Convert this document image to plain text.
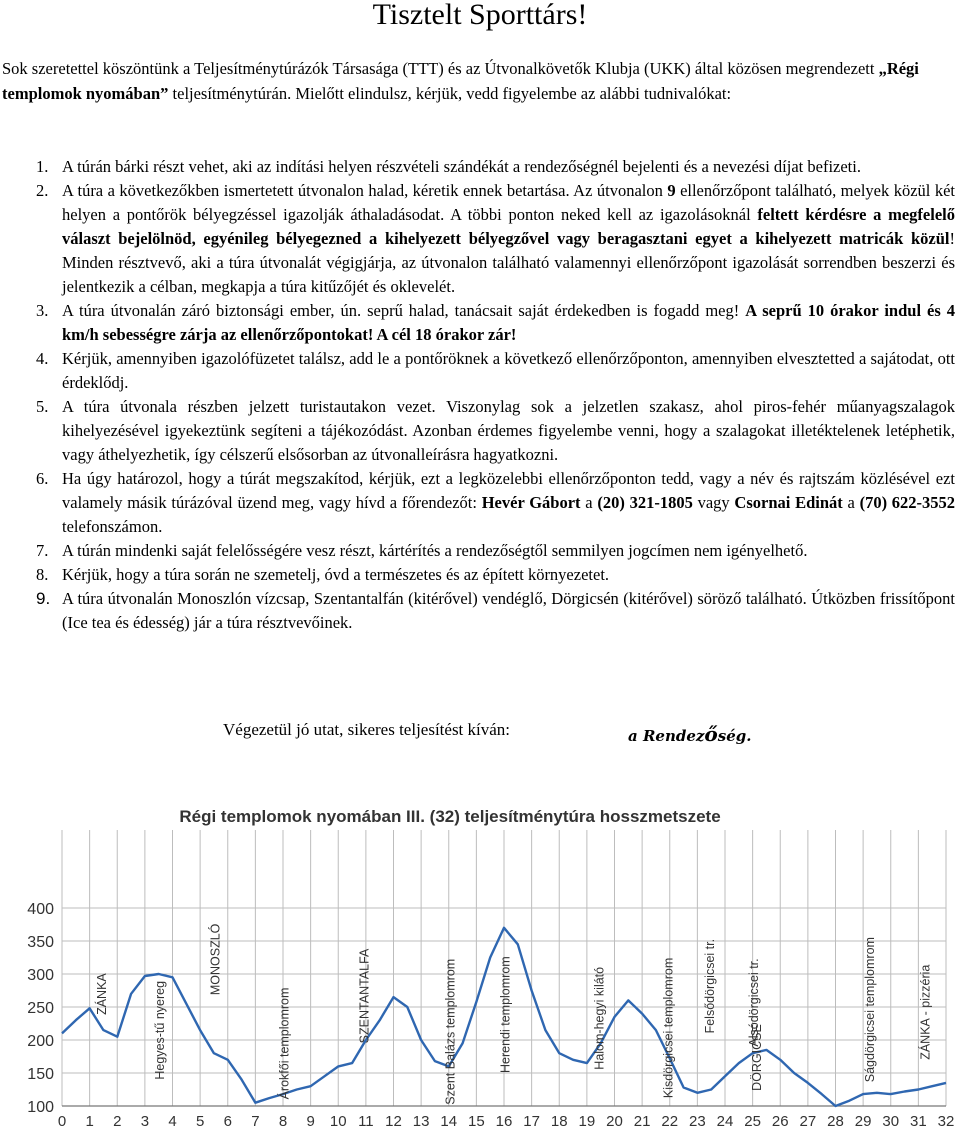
Tisztelt Sporttárs!

Sok szeretettel köszöntünk a Teljesítménytúrázók Társasága (TTT) és az Útvonalkövetők Klubja (UKK) által közösen megrendezett „Régi templomok nyomában” teljesítménytúrán. Mielőtt elindulsz, kérjük, vedd figyelembe az alábbi tudnivalókat:

1. A túrán bárki részt vehet, aki az indítási helyen részvételi szándékát a rendezőségnél bejelenti és a nevezési díjat befizeti.
2. A túra a következőkben ismertetett útvonalon halad, kéretik ennek betartása. Az útvonalon 9 ellenőrzőpont található, melyek közül két helyen a pontőrök bélyegzéssel igazolják áthaladásodat. A többi ponton neked kell az igazolásoknál feltett kérdésre a megfelelő választ bejelölnöd, egyénileg bélyegezned a kihelyezett bélyegzővel vagy beragasztani egyet a kihelyezett matricák közül! Minden résztvevő, aki a túra útvonalát végigjárja, az útvonalon található valamennyi ellenőrzőpont igazolását sorrendben beszerzi és jelentkezik a célban, megkapja a túra kitűzőjét és oklevelét.
3. A túra útvonalán záró biztonsági ember, ún. seprű halad, tanácsait saját érdekedben is fogadd meg! A seprű 10 órakor indul és 4 km/h sebességre zárja az ellenőrzőpontokat! A cél 18 órakor zár!
4. Kérjük, amennyiben igazolófüzetet találsz, add le a pontőröknek a következő ellenőrzőponton, amennyiben elvesztetted a sajátodat, ott érdeklődj.
5. A túra útvonala részben jelzett turistautakon vezet. Viszonylag sok a jelzetlen szakasz, ahol piros-fehér műanyagszalagok kihelyezésével igyekeztünk segíteni a tájékozódást. Azonban érdemes figyelembe venni, hogy a szalagokat illetéktelenek letéphetik, vagy áthelyezhetik, így célszerű elsősorban az útvonalleírásra hagyatkozni.
6. Ha úgy határozol, hogy a túrát megszakítod, kérjük, ezt a legközelebbi ellenőrzőponton tedd, vagy a név és rajtszám közlésével ezt valamely másik túrázóval üzend meg, vagy hívd a főrendezőt: Hevér Gábort a (20) 321-1805 vagy Csornai Edinát a (70) 622-3552 telefonszámon.
7. A túrán mindenki saját felelősségére vesz részt, kártérítés a rendezőségtől semmilyen jogcímen nem igényelhető.
8. Kérjük, hogy a túra során ne szemetelj, óvd a természetes és az épített környezetet.
9. A túra útvonalán Monoszlón vízcsap, Szentantalfán (kitérővel) vendéglő, Dörgicsén (kitérővel) söröző található. Útközben frissítőpont (Ice tea és édesség) jár a túra résztvevőinek.
Végezetül jó utat, sikeres teljesítést kíván:	a Rendezőség.
Régi templomok nyomában III. (32) teljesítménytúra hosszmetszete
400
350
300
250
200
150
100
0 1 2 3 4 5 6 7 8 9 10 11 12 13 14 15 16 17 18 19 20 21 22 23 24 25 26 27 28 29 30 31 32
ZÁNKA	Hegyes-tű nyereg
MONOSZLÓ
Árokfői templomrom	SZENTANTALFA	Szent Balázs templomrom	Herendi templomrom	Halom-hegyi kilátó	Kisdörgicsei templomrom Felsődörgicsei tr. Alsódörgicsei tr.
DÖRGICSE	Ságdörgicsei templomrom	ZÁNKA - pizzéria
